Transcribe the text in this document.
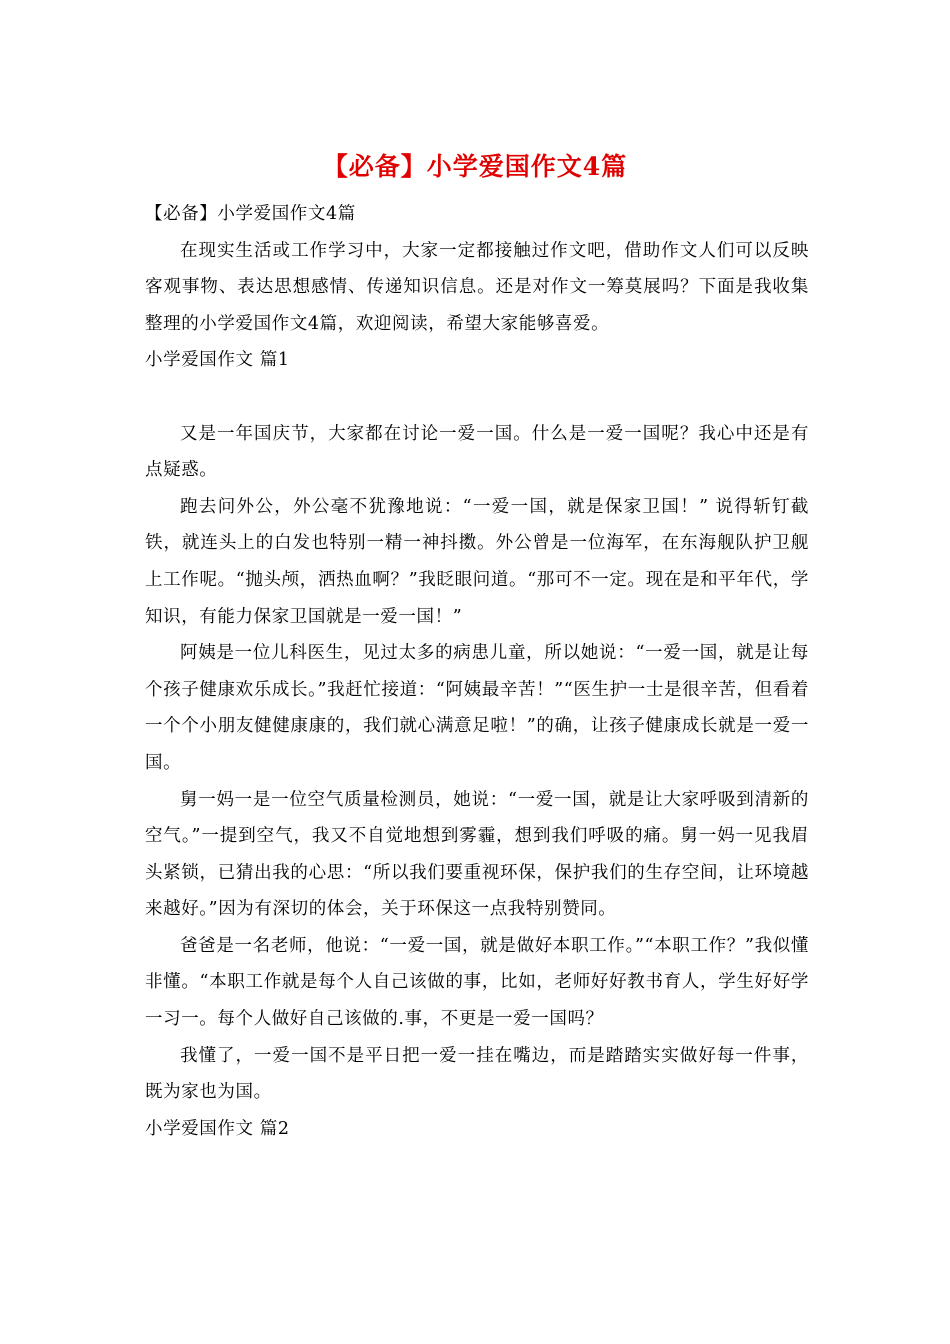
【必备】小学爱国作文4篇

【必备】小学爱国作文4篇

在现实生活或工作学习中，大家一定都接触过作文吧，借助作文人们可以反映客观事物、表达思想感情、传递知识信息。还是对作文一筹莫展吗？下面是我收集整理的小学爱国作文4篇，欢迎阅读，希望大家能够喜爱。

小学爱国作文 篇1

又是一年国庆节，大家都在讨论一爱一国。什么是一爱一国呢？我心中还是有点疑惑。

跑去问外公，外公毫不犹豫地说：“一爱一国，就是保家卫国！” 说得斩钉截铁，就连头上的白发也特别一精一神抖擞。外公曾是一位海军，在东海舰队护卫舰上工作呢。“抛头颅，洒热血啊？”我眨眼问道。“那可不一定。现在是和平年代，学知识，有能力保家卫国就是一爱一国！”

阿姨是一位儿科医生，见过太多的病患儿童，所以她说：“一爱一国，就是让每个孩子健康欢乐成长。”我赶忙接道：“阿姨最辛苦！”“医生护一士是很辛苦，但看着一个个小朋友健健康康的，我们就心满意足啦！”的确，让孩子健康成长就是一爱一国。

舅一妈一是一位空气质量检测员，她说：“一爱一国，就是让大家呼吸到清新的空气。”一提到空气，我又不自觉地想到雾霾，想到我们呼吸的痛。舅一妈一见我眉头紧锁，已猜出我的心思：“所以我们要重视环保，保护我们的生存空间，让环境越来越好。”因为有深切的体会，关于环保这一点我特别赞同。

爸爸是一名老师，他说：“一爱一国，就是做好本职工作。”“本职工作？”我似懂非懂。“本职工作就是每个人自己该做的事，比如，老师好好教书育人，学生好好学一习一。每个人做好自己该做的.事，不更是一爱一国吗？

我懂了，一爱一国不是平日把一爱一挂在嘴边，而是踏踏实实做好每一件事，既为家也为国。

小学爱国作文 篇2
